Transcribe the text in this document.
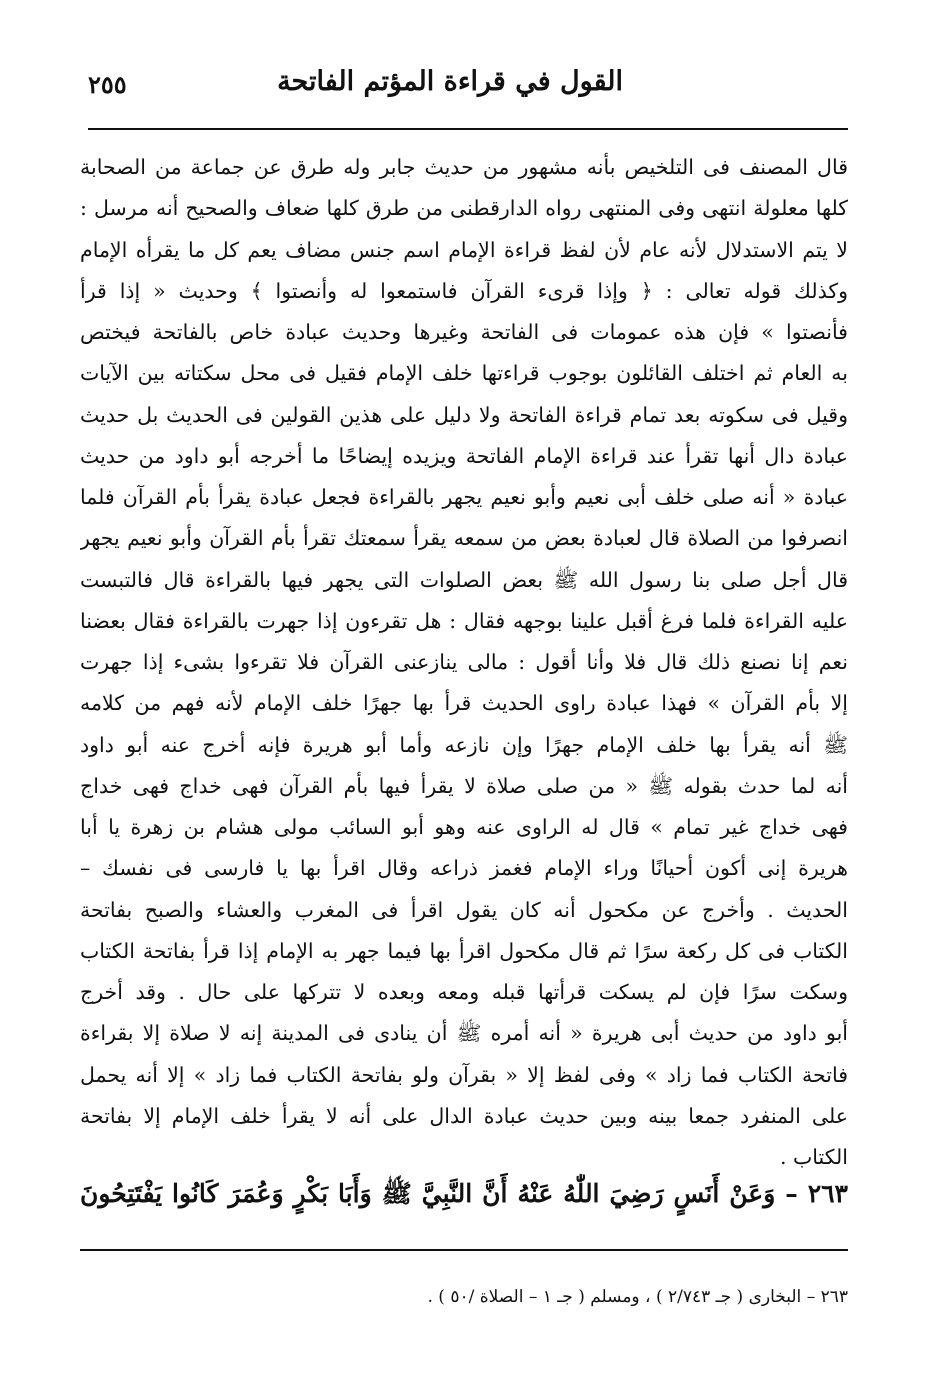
القول في قراءة المؤتم الفاتحة
٢٥٥
قال المصنف فى التلخيص بأنه مشهور من حديث جابر وله طرق عن جماعة من الصحابة
كلها معلولة انتهى وفى المنتهى رواه الدارقطنى من طرق كلها ضعاف والصحيح أنه مرسل :
لا يتم الاستدلال لأنه عام لأن لفظ قراءة الإمام اسم جنس مضاف يعم كل ما يقرأه الإمام
وكذلك قوله تعالى : ﴿ وإذا قرىء القرآن فاستمعوا له وأنصتوا ﴾ وحديث « إذا قرأ
فأنصتوا » فإن هذه عمومات فى الفاتحة وغيرها وحديث عبادة خاص بالفاتحة فيختص
به العام ثم اختلف القائلون بوجوب قراءتها خلف الإمام فقيل فى محل سكتاته بين الآيات
وقيل فى سكوته بعد تمام قراءة الفاتحة ولا دليل على هذين القولين فى الحديث بل حديث
عبادة دال أنها تقرأ عند قراءة الإمام الفاتحة ويزيده إيضاحًا ما أخرجه أبو داود من حديث
عبادة « أنه صلى خلف أبى نعيم وأبو نعيم يجهر بالقراءة فجعل عبادة يقرأ بأم القرآن فلما
انصرفوا من الصلاة قال لعبادة بعض من سمعه يقرأ سمعتك تقرأ بأم القرآن وأبو نعيم يجهر
قال أجل صلى بنا رسول الله ﷺ بعض الصلوات التى يجهر فيها بالقراءة قال فالتبست
عليه القراءة فلما فرغ أقبل علينا بوجهه فقال : هل تقرءون إذا جهرت بالقراءة فقال بعضنا
نعم إنا نصنع ذلك قال فلا وأنا أقول : مالى ينازعنى القرآن فلا تقرءوا بشىء إذا جهرت
إلا بأم القرآن » فهذا عبادة راوى الحديث قرأ بها جهرًا خلف الإمام لأنه فهم من كلامه
ﷺ أنه يقرأ بها خلف الإمام جهرًا وإن نازعه وأما أبو هريرة فإنه أخرج عنه أبو داود
أنه لما حدث بقوله ﷺ « من صلى صلاة لا يقرأ فيها بأم القرآن فهى خداج فهى خداج
فهى خداج غير تمام » قال له الراوى عنه وهو أبو السائب مولى هشام بن زهرة يا أبا
هريرة إنى أكون أحيانًا وراء الإمام فغمز ذراعه وقال اقرأ بها يا فارسى فى نفسك –
الحديث . وأخرج عن مكحول أنه كان يقول اقرأ فى المغرب والعشاء والصبح بفاتحة
الكتاب فى كل ركعة سرًا ثم قال مكحول اقرأ بها فيما جهر به الإمام إذا قرأ بفاتحة الكتاب
وسكت سرًا فإن لم يسكت قرأتها قبله ومعه وبعده لا تتركها على حال . وقد أخرج
أبو داود من حديث أبى هريرة « أنه أمره ﷺ أن ينادى فى المدينة إنه لا صلاة إلا بقراءة
فاتحة الكتاب فما زاد » وفى لفظ إلا « بقرآن ولو بفاتحة الكتاب فما زاد » إلا أنه يحمل
على المنفرد جمعا بينه وبين حديث عبادة الدال على أنه لا يقرأ خلف الإمام إلا بفاتحة
الكتاب .
٢٦٣ – وَعَنْ أَنَسٍ رَضِيَ اللّٰهُ عَنْهُ أَنَّ النَّبِيَّ ﷺ وَأَبَا بَكْرٍ وَعُمَرَ كَانُوا يَفْتَتِحُونَ
٢٦٣ – البخارى ( جـ ٢/٧٤٣ ) ، ومسلم ( جـ ١ – الصلاة /٥٠ ) .
